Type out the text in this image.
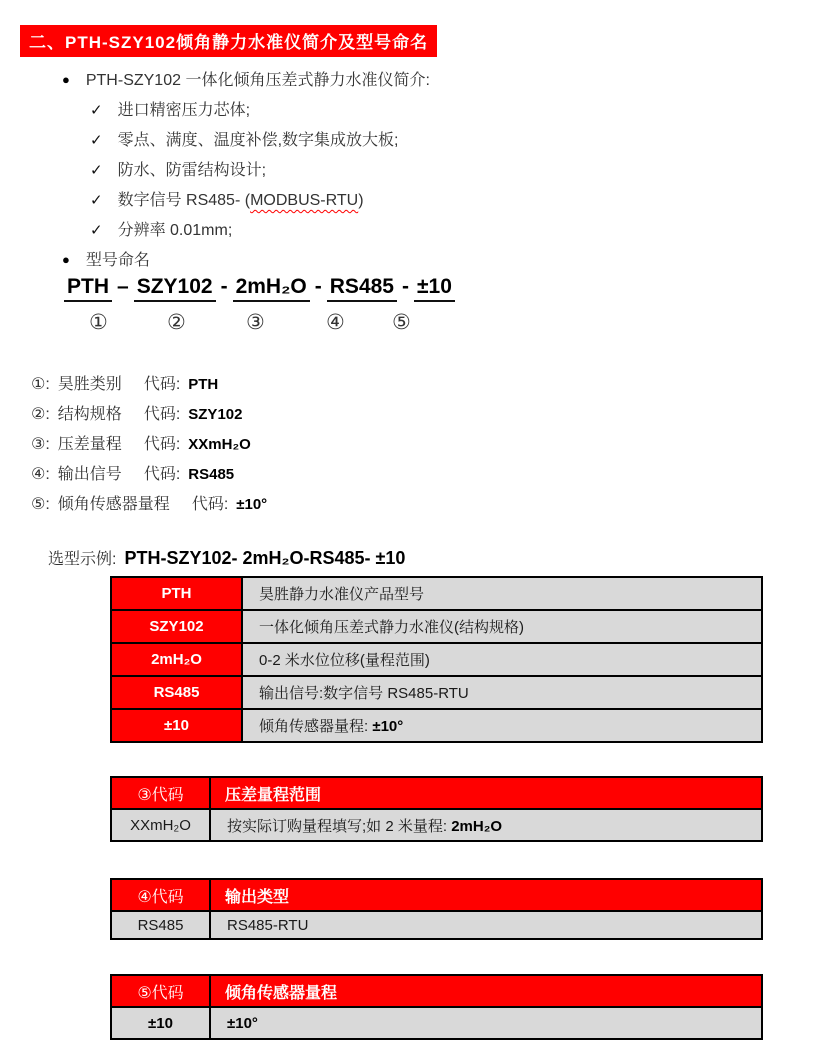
二、PTH-SZY102倾角静力水准仪简介及型号命名
● PTH-SZY102 一体化倾角压差式静力水准仪简介:
✓ 进口精密压力芯体;
✓ 零点、满度、温度补偿,数字集成放大板;
✓ 防水、防雷结构设计;
✓ 数字信号 RS485- (MODBUS-RTU)
✓ 分辨率 0.01mm;
● 型号命名
PTH – SZY102 - 2mH₂O - RS485 - ±10
①	②	③	④ ⑤
①: 昊胜类别 代码: PTH
②: 结构规格 代码: SZY102
③: 压差量程 代码: XXmH₂O
④: 输出信号 代码: RS485
⑤: 倾角传感器量程 代码: ±10°
选型示例: PTH-SZY102- 2mH₂O-RS485- ±10
PTH	昊胜静力水准仪产品型号
SZY102	一体化倾角压差式静力水准仪(结构规格)
2mH₂O	0-2 米水位位移(量程范围)
RS485	输出信号:数字信号 RS485-RTU
±10	倾角传感器量程: ±10°
③代码	压差量程范围
XXmH₂O	按实际订购量程填写;如 2 米量程: 2mH₂O
④代码	输出类型
RS485	RS485-RTU
⑤代码	倾角传感器量程
±10	±10°
